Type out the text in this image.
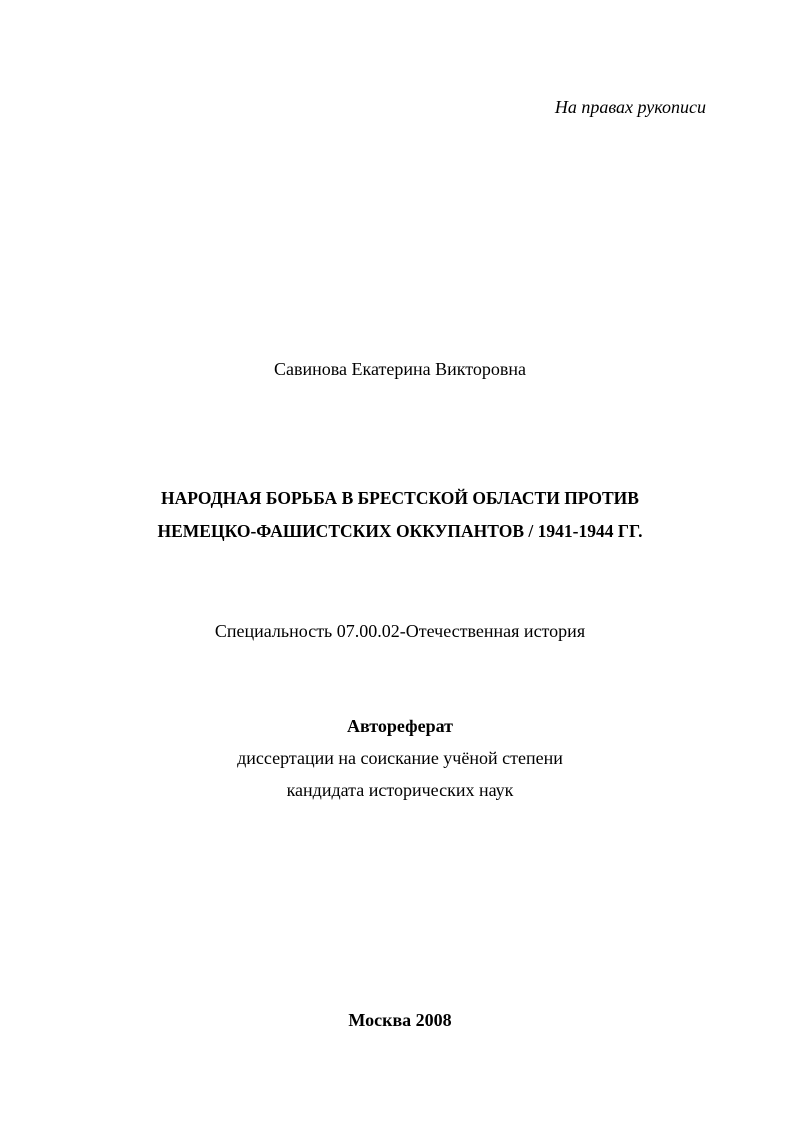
На правах рукописи
Савинова Екатерина Викторовна
НАРОДНАЯ БОРЬБА В БРЕСТСКОЙ ОБЛАСТИ ПРОТИВ
НЕМЕЦКО-ФАШИСТСКИХ ОККУПАНТОВ / 1941-1944 ГГ.
Специальность 07.00.02-Отечественная история
Автореферат
диссертации на соискание учёной степени
кандидата исторических наук
Москва 2008
